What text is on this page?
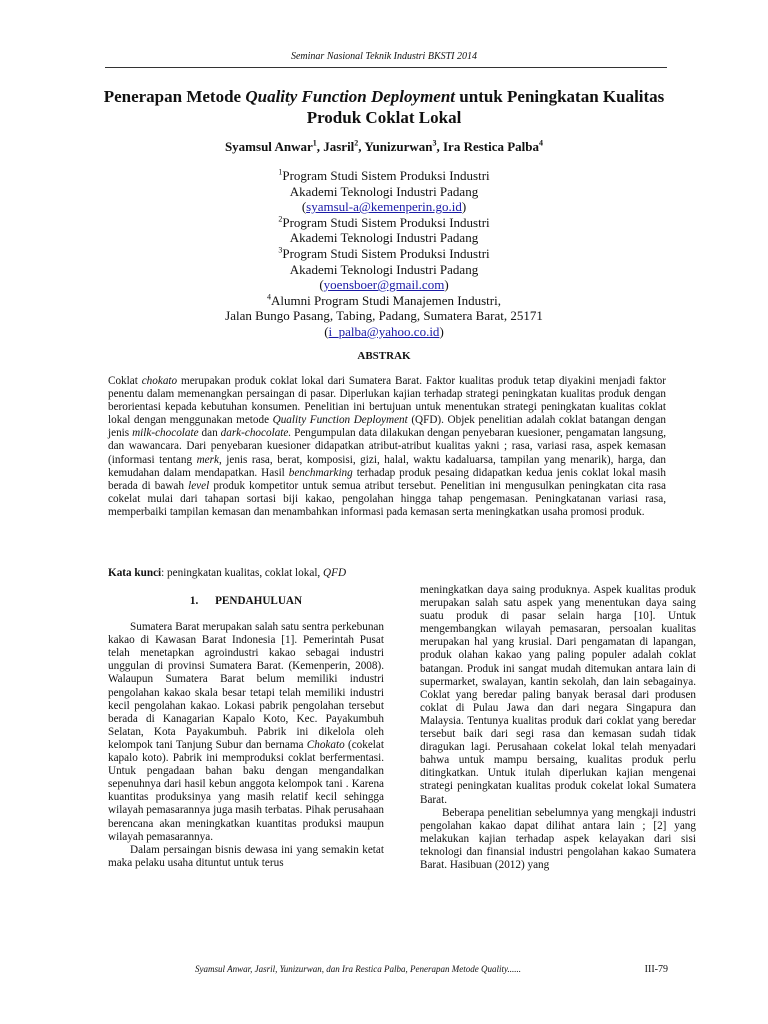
Seminar Nasional Teknik Industri BKSTI 2014
Penerapan Metode Quality Function Deployment untuk Peningkatan Kualitas Produk Coklat Lokal
Syamsul Anwar$^1$, Jasril$^2$, Yunizurwan$^3$, Ira Restica Palba$^4$
$^1$Program Studi Sistem Produksi Industri
Akademi Teknologi Industri Padang
(syamsul-a@kemenperin.go.id)
$^2$Program Studi Sistem Produksi Industri
Akademi Teknologi Industri Padang
$^3$Program Studi Sistem Produksi Industri
Akademi Teknologi Industri Padang
(yoensboer@gmail.com)
$^4$Alumni Program Studi Manajemen Industri,
Jalan Bungo Pasang, Tabing, Padang, Sumatera Barat, 25171
(i_palba@yahoo.co.id)
ABSTRAK
Coklat chokato merupakan produk coklat lokal dari Sumatera Barat. Faktor kualitas produk tetap diyakini menjadi faktor penentu dalam memenangkan persaingan di pasar. Diperlukan kajian terhadap strategi peningkatan kualitas produk dengan berorientasi kepada kebutuhan konsumen. Penelitian ini bertujuan untuk menentukan strategi peningkatan kualitas coklat lokal dengan menggunakan metode Quality Function Deployment (QFD). Objek penelitian adalah coklat batangan dengan jenis milk-chocolate dan dark-chocolate. Pengumpulan data dilakukan dengan penyebaran kuesioner, pengamatan langsung, dan wawancara. Dari penyebaran kuesioner didapatkan atribut-atribut kualitas yakni ; rasa, variasi rasa, aspek kemasan (informasi tentang merk, jenis rasa, berat, komposisi, gizi, halal, waktu kadaluarsa, tampilan yang menarik), harga, dan kemudahan dalam mendapatkan. Hasil benchmarking terhadap produk pesaing didapatkan kedua jenis coklat lokal masih berada di bawah level produk kompetitor untuk semua atribut tersebut. Penelitian ini mengusulkan peningkatan cita rasa cokelat mulai dari tahapan sortasi biji kakao, pengolahan hingga tahap pengemasan. Peningkatanan variasi rasa, memperbaiki tampilan kemasan dan menambahkan informasi pada kemasan serta meningkatkan usaha promosi produk.
Kata kunci: peningkatan kualitas, coklat lokal, QFD
1. PENDAHULUAN

Sumatera Barat merupakan salah satu sentra perkebunan kakao di Kawasan Barat Indonesia [1]. Pemerintah Pusat telah menetapkan agroindustri kakao sebagai industri unggulan di provinsi Sumatera Barat. (Kemenperin, 2008). Walaupun Sumatera Barat belum memiliki industri pengolahan kakao skala besar tetapi telah memiliki industri kecil pengolahan kakao. Lokasi pabrik pengolahan tersebut berada di Kanagarian Kapalo Koto, Kec. Payakumbuh Selatan, Kota Payakumbuh. Pabrik ini dikelola oleh kelompok tani Tanjung Subur dan bernama Chokato (cokelat kapalo koto). Pabrik ini memproduksi coklat berfermentasi. Untuk pengadaan bahan baku dengan mengandalkan sepenuhnya dari hasil kebun anggota kelompok tani . Karena kuantitas produksinya yang masih relatif kecil sehingga wilayah pemasarannya juga masih terbatas. Pihak perusahaan berencana akan meningkatkan kuantitas produksi maupun wilayah pemasarannya.

Dalam persaingan bisnis dewasa ini yang semakin ketat maka pelaku usaha dituntut untuk terus

meningkatkan daya saing produknya. Aspek kualitas produk merupakan salah satu aspek yang menentukan daya saing suatu produk di pasar selain harga [10]. Untuk mengembangkan wilayah pemasaran, persoalan kualitas merupakan hal yang krusial. Dari pengamatan di lapangan, produk olahan kakao yang paling populer adalah coklat batangan. Produk ini sangat mudah ditemukan antara lain di supermarket, swalayan, kantin sekolah, dan lain sebagainya. Coklat yang beredar paling banyak berasal dari produsen coklat di Pulau Jawa dan dari negara Singapura dan Malaysia. Tentunya kualitas produk dari coklat yang beredar tersebut baik dari segi rasa dan kemasan sudah tidak diragukan lagi. Perusahaan cokelat lokal telah menyadari bahwa untuk mampu bersaing, kualitas produk perlu ditingkatkan. Untuk itulah diperlukan kajian mengenai strategi peningkatan kualitas produk cokelat lokal Sumatera Barat.

Beberapa penelitian sebelumnya yang mengkaji industri pengolahan kakao dapat dilihat antara lain ; [2] yang melakukan kajian terhadap aspek kelayakan dari sisi teknologi dan finansial industri pengolahan kakao Sumatera Barat. Hasibuan (2012) yang

Syamsul Anwar, Jasril, Yunizurwan, dan Ira Restica Palba, Penerapan Metode Quality......	III-79
